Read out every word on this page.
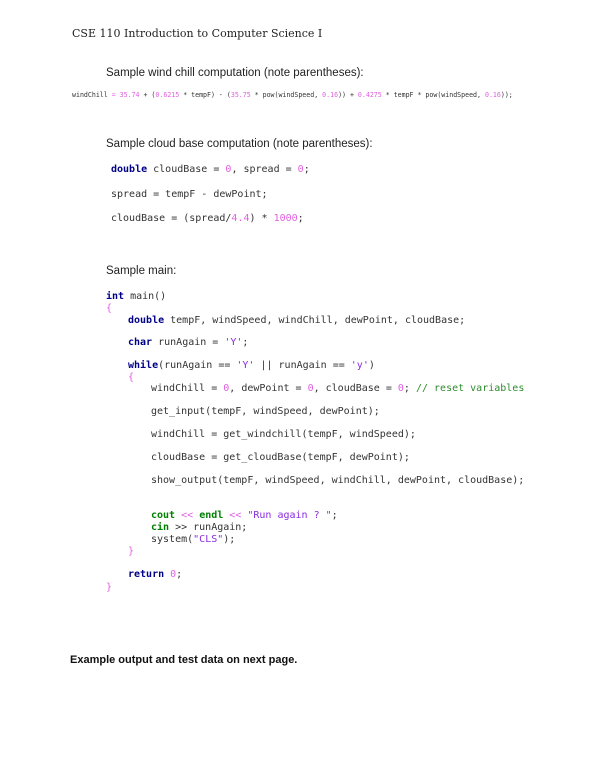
CSE 110 Introduction to Computer Science I
Sample wind chill computation (note parentheses):
windChill = 35.74 + (0.6215 * tempF) - (35.75 * pow(windSpeed, 0.16)) + 0.4275 * tempF * pow(windSpeed, 0.16));
Sample cloud base computation (note parentheses):
double cloudBase = 0, spread = 0;
spread = tempF - dewPoint;
cloudBase = (spread/4.4) * 1000;
Sample main:
int main()
{
double tempF, windSpeed, windChill, dewPoint, cloudBase;
char runAgain = 'Y';
while(runAgain == 'Y' || runAgain == 'y')
{
windChill = 0, dewPoint = 0, cloudBase = 0; // reset variables
get_input(tempF, windSpeed, dewPoint);
windChill = get_windchill(tempF, windSpeed);
cloudBase = get_cloudBase(tempF, dewPoint);
show_output(tempF, windSpeed, windChill, dewPoint, cloudBase);
cout << endl << "Run again ? ";
cin >> runAgain;
system("CLS");
}
return 0;
}
Example output and test data on next page.
